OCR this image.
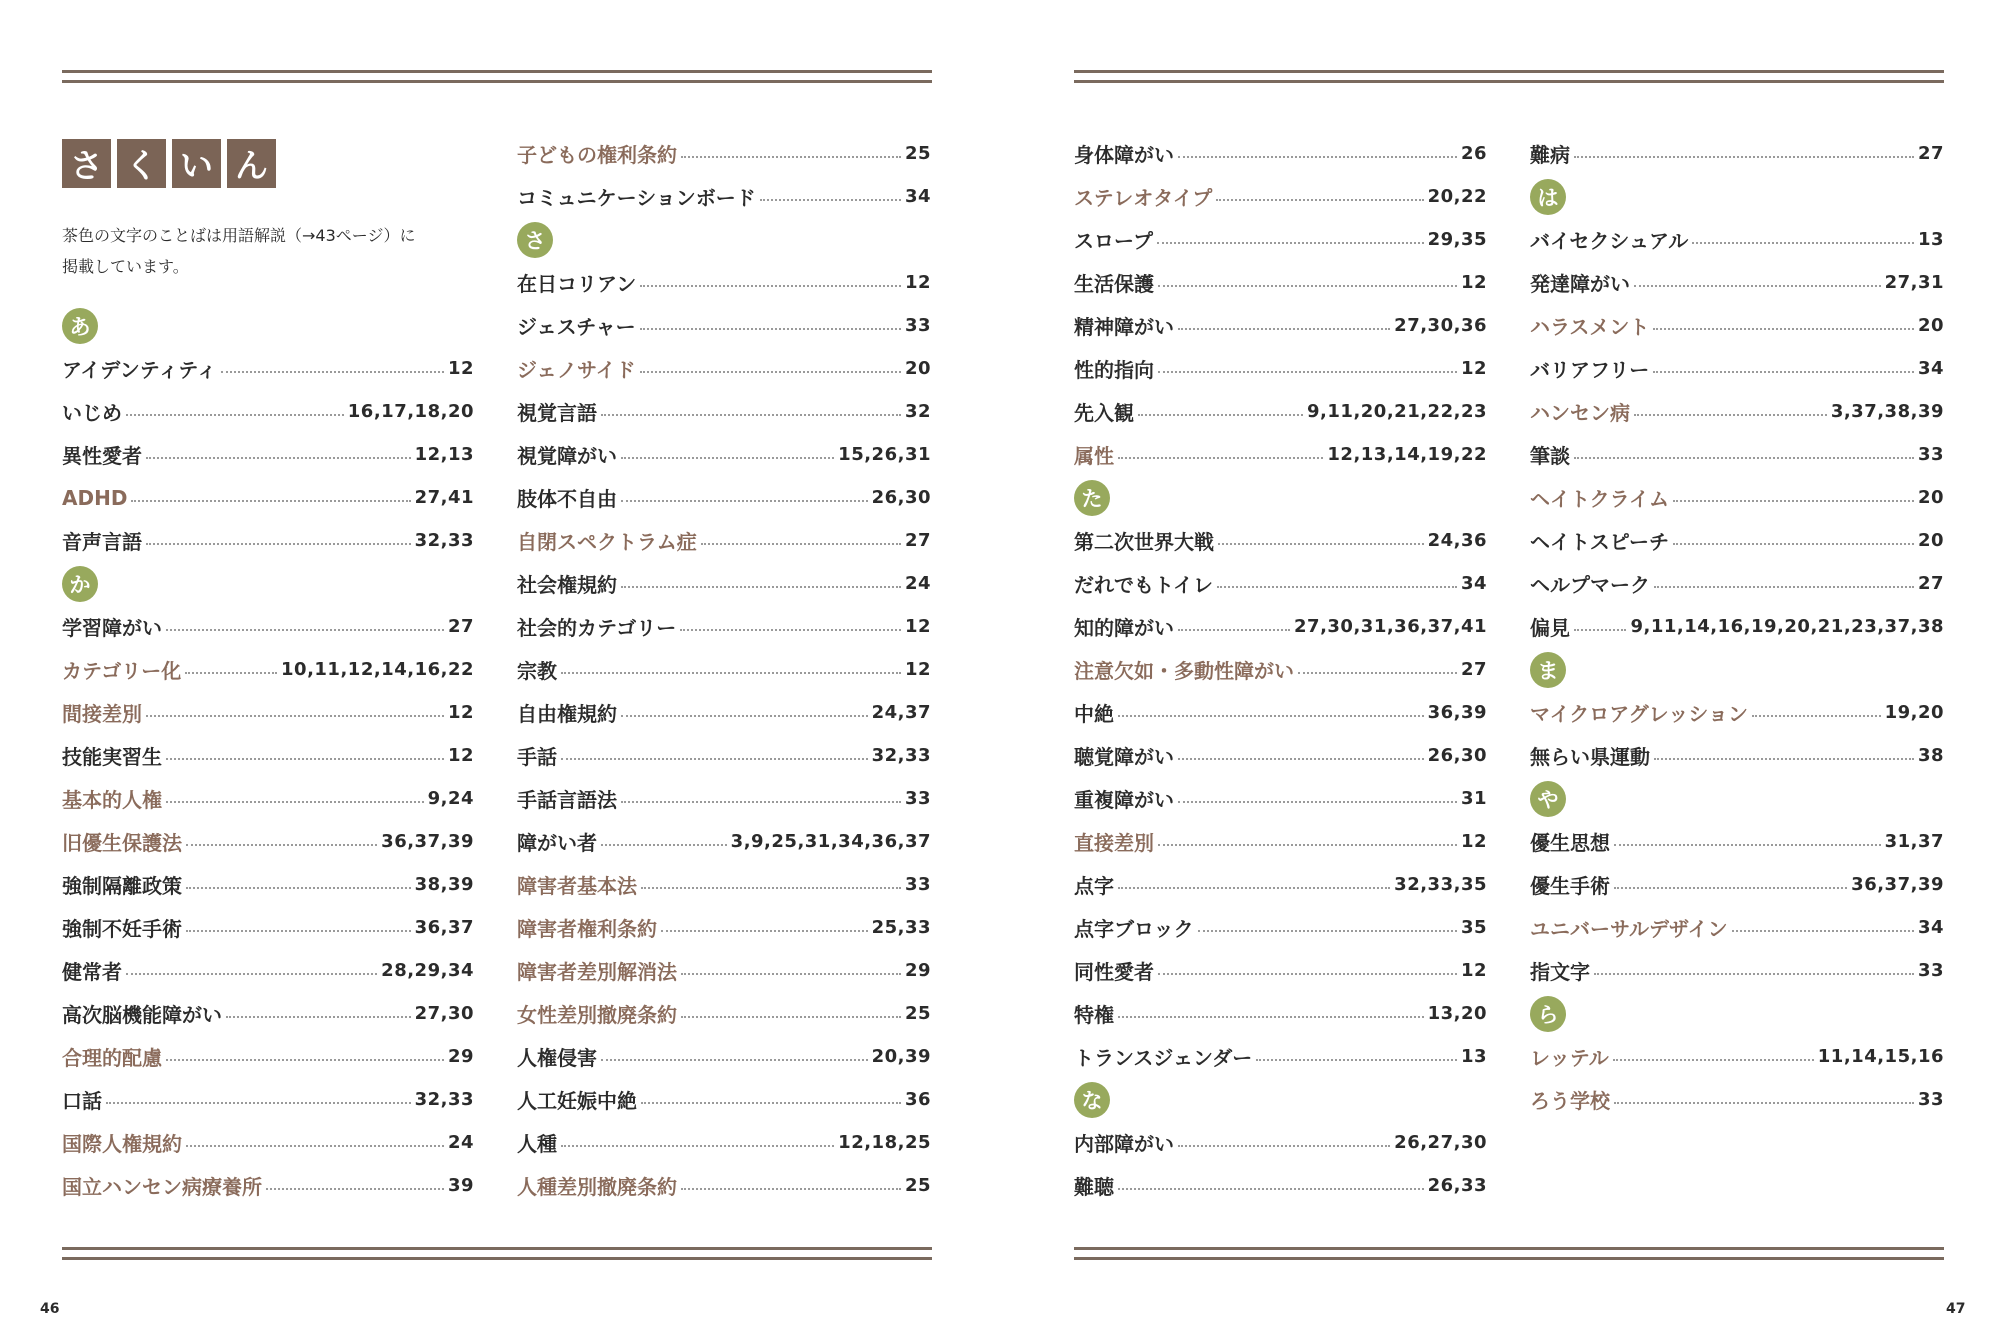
さ く い ん
茶色の文字のことばは用語解説（→43ページ）に
掲載しています。
あ
アイデンティティ	12
いじめ	16,17,18,20
異性愛者	12,13
ADHD	27,41
音声言語	32,33
か
学習障がい	27
カテゴリー化	10,11,12,14,16,22
間接差別	12
技能実習生	12
基本的人権	9,24
旧優生保護法	36,37,39
強制隔離政策	38,39
強制不妊手術	36,37
健常者	28,29,34
高次脳機能障がい	27,30
合理的配慮	29
口話	32,33
国際人権規約	24
国立ハンセン病療養所	39
子どもの権利条約	25
コミュニケーションボード	34
さ
在日コリアン	12
ジェスチャー	33
ジェノサイド	20
視覚言語	32
視覚障がい	15,26,31
肢体不自由	26,30
自閉スペクトラム症	27
社会権規約	24
社会的カテゴリー	12
宗教	12
自由権規約	24,37
手話	32,33
手話言語法	33
障がい者	3,9,25,31,34,36,37
障害者基本法	33
障害者権利条約	25,33
障害者差別解消法	29
女性差別撤廃条約	25
人権侵害	20,39
人工妊娠中絶	36
人種	12,18,25
人種差別撤廃条約	25
身体障がい	26
ステレオタイプ	20,22
スロープ	29,35
生活保護	12
精神障がい	27,30,36
性的指向	12
先入観	9,11,20,21,22,23
属性	12,13,14,19,22
た
第二次世界大戦	24,36
だれでもトイレ	34
知的障がい	27,30,31,36,37,41
注意欠如・多動性障がい	27
中絶	36,39
聴覚障がい	26,30
重複障がい	31
直接差別	12
点字	32,33,35
点字ブロック	35
同性愛者	12
特権	13,20
トランスジェンダー	13
な
内部障がい	26,27,30
難聴	26,33
難病	27
は
バイセクシュアル	13
発達障がい	27,31
ハラスメント	20
バリアフリー	34
ハンセン病	3,37,38,39
筆談	33
ヘイトクライム	20
ヘイトスピーチ	20
ヘルプマーク	27
偏見	9,11,14,16,19,20,21,23,37,38
ま
マイクロアグレッション	19,20
無らい県運動	38
や
優生思想	31,37
優生手術	36,37,39
ユニバーサルデザイン	34
指文字	33
ら
レッテル	11,14,15,16
ろう学校	33
46	47
